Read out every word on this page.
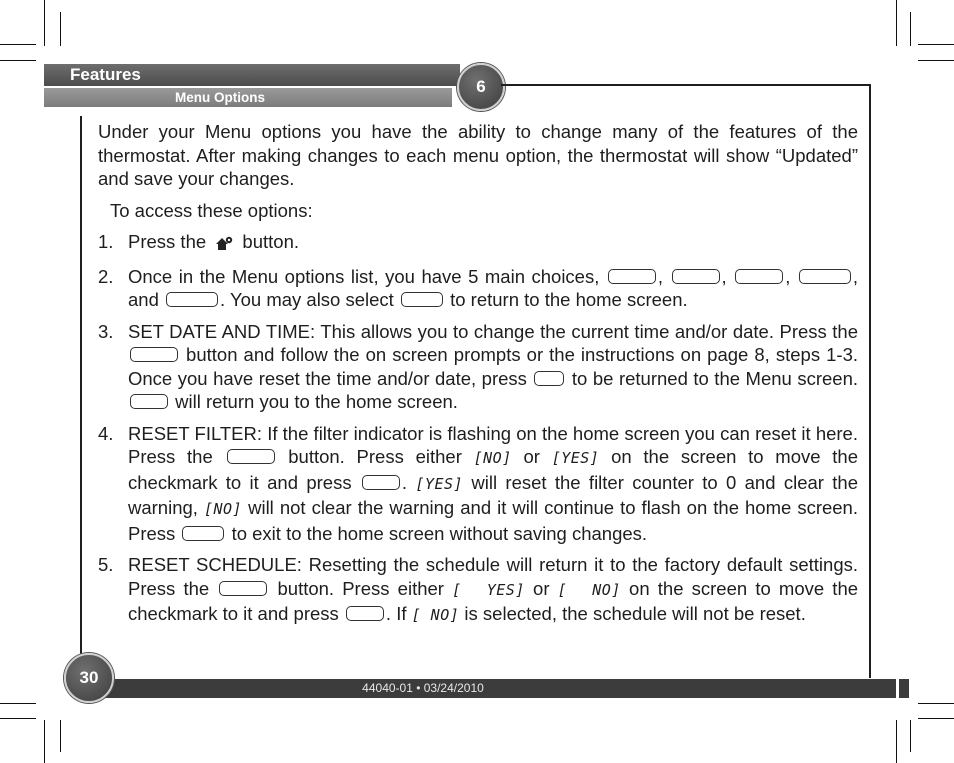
Features
Menu Options
6

Under your Menu options you have the ability to change many of the features of the thermostat. After making changes to each menu option, the thermostat will show “Updated” and save your changes.

To access these options:

1. Press the  button.
2. Once in the Menu options list, you have 5 main choices,	,	,	,	, and	. You may also select  to return to the home screen.
3. SET DATE AND TIME: This allows you to change the current time and/or date. Press the  button and follow the on screen prompts or the instructions on page 8, steps 1-3. Once you have reset the time and/or date, press  to be returned to the Menu screen.  will return you to the home screen.
4. RESET FILTER: If the filter indicator is flashing on the home screen you can reset it here. Press the	button. Press either [NO] or [YES] on the screen to move the checkmark to it and press . [YES] will reset the filter counter to 0 and clear the warning, [NO] will not clear the warning and it will continue to flash on the home screen. Press  to exit to the home screen without saving changes.
5. RESET SCHEDULE: Resetting the schedule will return it to the factory default settings. Press the	button. Press either [  YES] or [  NO] on the screen to move the checkmark to it and press . If [ NO] is selected, the schedule will not be reset.
44040-01 • 03/24/2010
30
